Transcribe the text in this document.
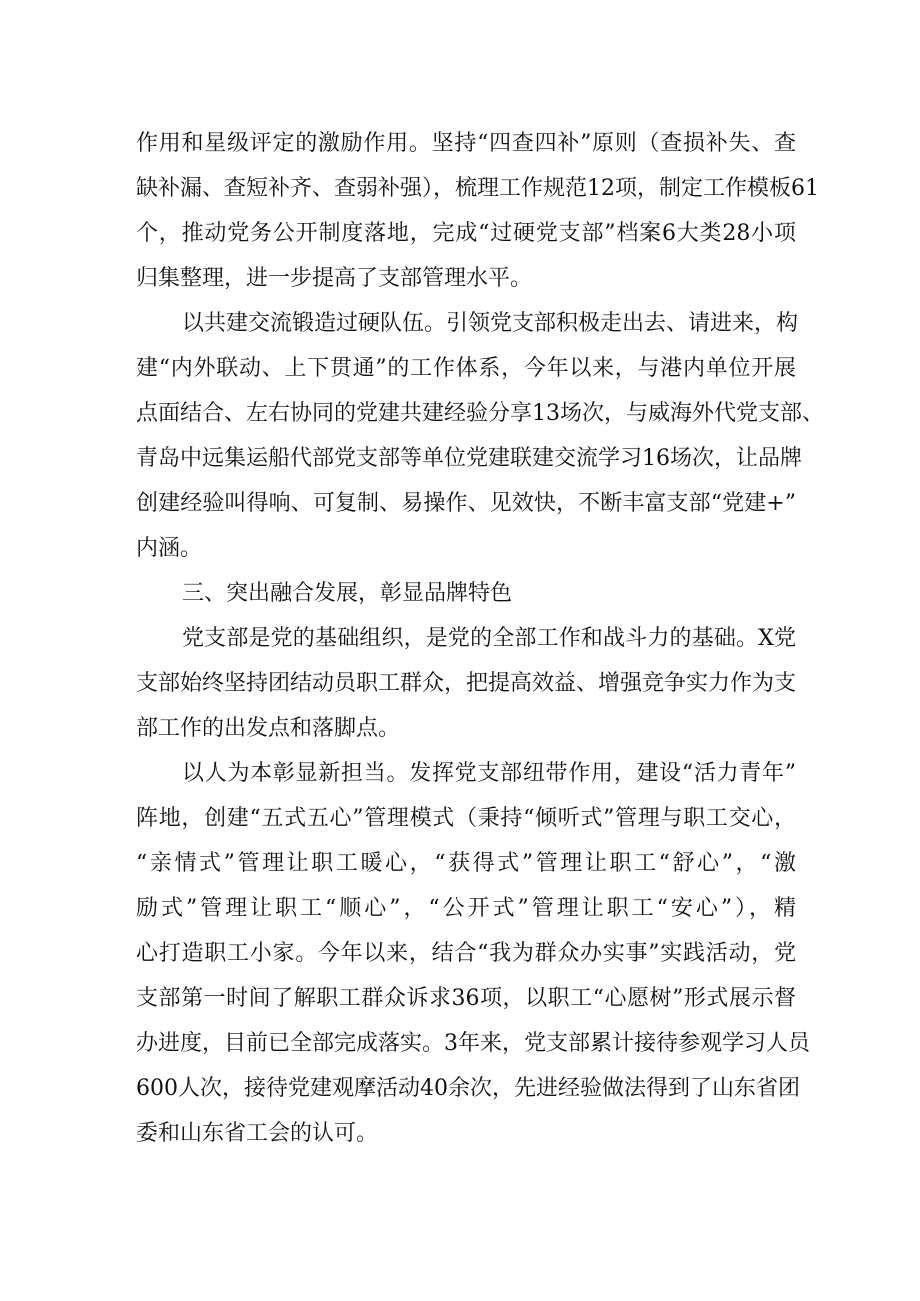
作用和星级评定的激励作用。坚持“四查四补”原则（查损补失、查
缺补漏、查短补齐、查弱补强），梳理工作规范12项，制定工作模板61
个，推动党务公开制度落地，完成“过硬党支部”档案6大类28小项
归集整理，进一步提高了支部管理水平。
以共建交流锻造过硬队伍。引领党支部积极走出去、请进来，构
建“内外联动、上下贯通”的工作体系，今年以来，与港内单位开展
点面结合、左右协同的党建共建经验分享13场次，与威海外代党支部、
青岛中远集运船代部党支部等单位党建联建交流学习16场次，让品牌
创建经验叫得响、可复制、易操作、见效快，不断丰富支部“党建+”
内涵。
三、突出融合发展，彰显品牌特色
党支部是党的基础组织，是党的全部工作和战斗力的基础。X党
支部始终坚持团结动员职工群众，把提高效益、增强竞争实力作为支
部工作的出发点和落脚点。
以人为本彰显新担当。发挥党支部纽带作用，建设“活力青年”
阵地，创建“五式五心”管理模式（秉持“倾听式”管理与职工交心，
“亲情式”管理让职工暖心，“获得式”管理让职工“舒心”，“激
励式”管理让职工“顺心”，“公开式”管理让职工“安心”），精
心打造职工小家。今年以来，结合“我为群众办实事”实践活动，党
支部第一时间了解职工群众诉求36项，以职工“心愿树”形式展示督
办进度，目前已全部完成落实。3年来，党支部累计接待参观学习人员
600人次，接待党建观摩活动40余次，先进经验做法得到了山东省团
委和山东省工会的认可。
